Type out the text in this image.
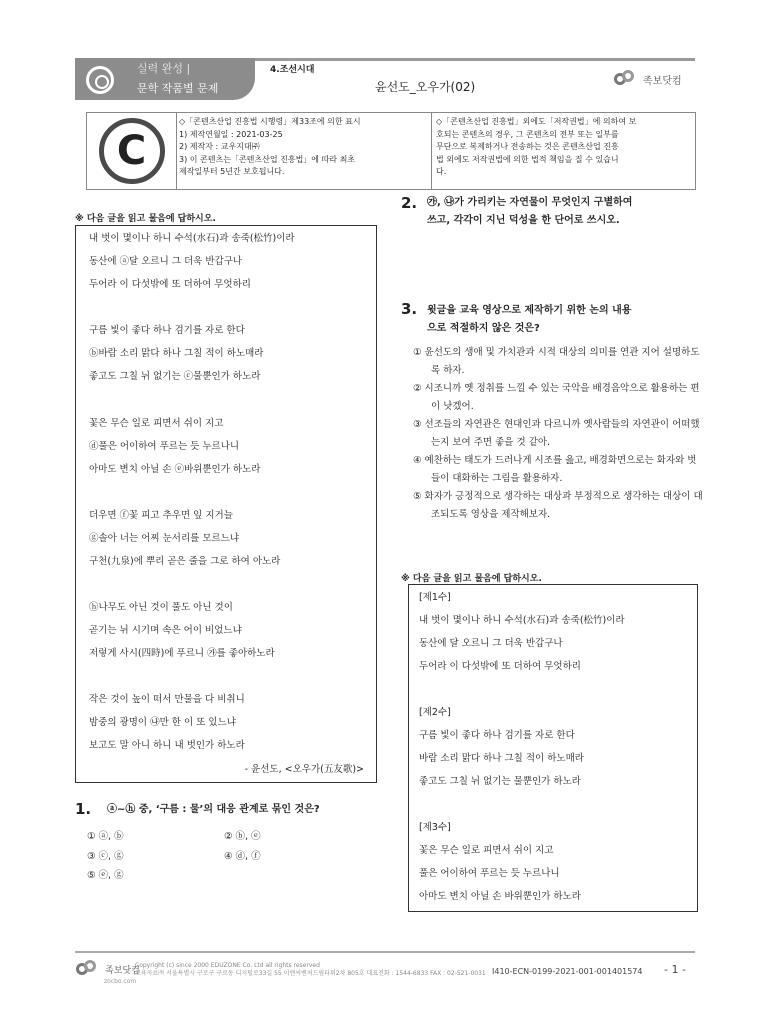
실력 완성 |
문학 작품별 문제
4.조선시대
윤선도_오우가(02)	족보닷컴
C
◇「콘텐츠산업 진흥법 시행령」제33조에 의한 표시
1) 제작연월일 : 2021-03-25
2) 제작자 : 교우지대㈜
3) 이 콘텐츠는「콘텐츠산업 진흥법」에 따라 최초
제작일부터 5년간 보호됩니다.
◇「콘텐츠산업 진흥법」외에도「저작권법」에 의하여 보
호되는 콘텐츠의 경우, 그 콘텐츠의 전부 또는 일부를
무단으로 복제하거나 전송하는 것은 콘텐츠산업 진흥
법 외에도 저작권법에 의한 법적 책임을 질 수 있습니
다.
※ 다음 글을 읽고 물음에 답하시오.
내 벗이 몇이나 하니 수석(水石)과 송죽(松竹)이라
동산에 ⓐ달 오르니 그 더욱 반갑구나
두어라 이 다섯밖에 또 더하여 무엇하리
구름 빛이 좋다 하나 검기를 자로 한다
ⓑ바람 소리 맑다 하나 그칠 적이 하노매라
좋고도 그칠 뉘 없기는 ⓒ물뿐인가 하노라
꽃은 무슨 일로 피면서 쉬이 지고
ⓓ풀은 어이하여 푸르는 듯 누르나니
아마도 변치 아닐 손 ⓔ바위뿐인가 하노라
더우면 ⓕ꽃 피고 추우면 잎 지거늘
ⓖ솔아 너는 어찌 눈서리를 모르느냐
구천(九泉)에 뿌리 곧은 줄을 그로 하여 아노라
ⓗ나무도 아닌 것이 풀도 아닌 것이
곧기는 뉘 시기며 속은 어이 비었느냐
저렇게 사시(四時)에 푸르니 ㉮를 좋아하노라
작은 것이 높이 떠서 만물을 다 비취니
밤중의 광명이 ㉯만 한 이 또 있느냐
보고도 말 아니 하니 내 벗인가 하노라
- 윤선도, <오우가(五友歌)>
1. ⓐ~ⓗ 중, ‘구름 : 물’의 대응 관계로 묶인 것은?
① ⓐ, ⓑ	② ⓑ, ⓔ
③ ⓒ, ⓖ	④ ⓓ, ⓕ
⑤ ⓔ, ⓖ
2. ㉮, ㉯가 가리키는 자연물이 무엇인지 구별하여
쓰고, 각각이 지닌 덕성을 한 단어로 쓰시오.
3. 윗글을 교육 영상으로 제작하기 위한 논의 내용
으로 적절하지 않은 것은?
① 윤선도의 생애 및 가치관과 시적 대상의 의미를 연관 지어 설명하도록 하자.
② 시조니까 옛 정취를 느낄 수 있는 국악을 배경음악으로 활용하는 편이 낫겠어.
③ 선조들의 자연관은 현대인과 다르니까 옛사람들의 자연관이 어떠했는지 보여 주면 좋을 것 같아.
④ 예찬하는 태도가 드러나게 시조를 읊고, 배경화면으로는 화자와 벗들이 대화하는 그림을 활용하자.
⑤ 화자가 긍정적으로 생각하는 대상과 부정적으로 생각하는 대상이 대조되도록 영상을 제작해보자.
※ 다음 글을 읽고 물음에 답하시오.
[제1수]
내 벗이 몇이나 하니 수석(水石)과 송죽(松竹)이라
동산에 달 오르니 그 더욱 반갑구나
두어라 이 다섯밖에 또 더하여 무엇하리
[제2수]
구름 빛이 좋다 하나 검기를 자로 한다
바람 소리 맑다 하나 그칠 적이 하노매라
좋고도 그칠 뉘 없기는 물뿐인가 하노라
[제3수]
꽃은 무슨 일로 피면서 쉬이 지고
풀은 어이하여 푸르는 듯 누르나니
아마도 변치 아닐 손 바위뿐인가 하노라
족보닷컴
zocbo.com
Copyright (c) since 2000 EDUZONE Co. Ltd all rights reserved
교육자료㈜ 서울특별시 구로구 구로동 디지털로33길 55 이앤씨벤처드림타워2차 805호 대표전화 : 1544-6833 FAX : 02-521-0031 I410-ECN-0199-2021-001-001401574 - 1 -
